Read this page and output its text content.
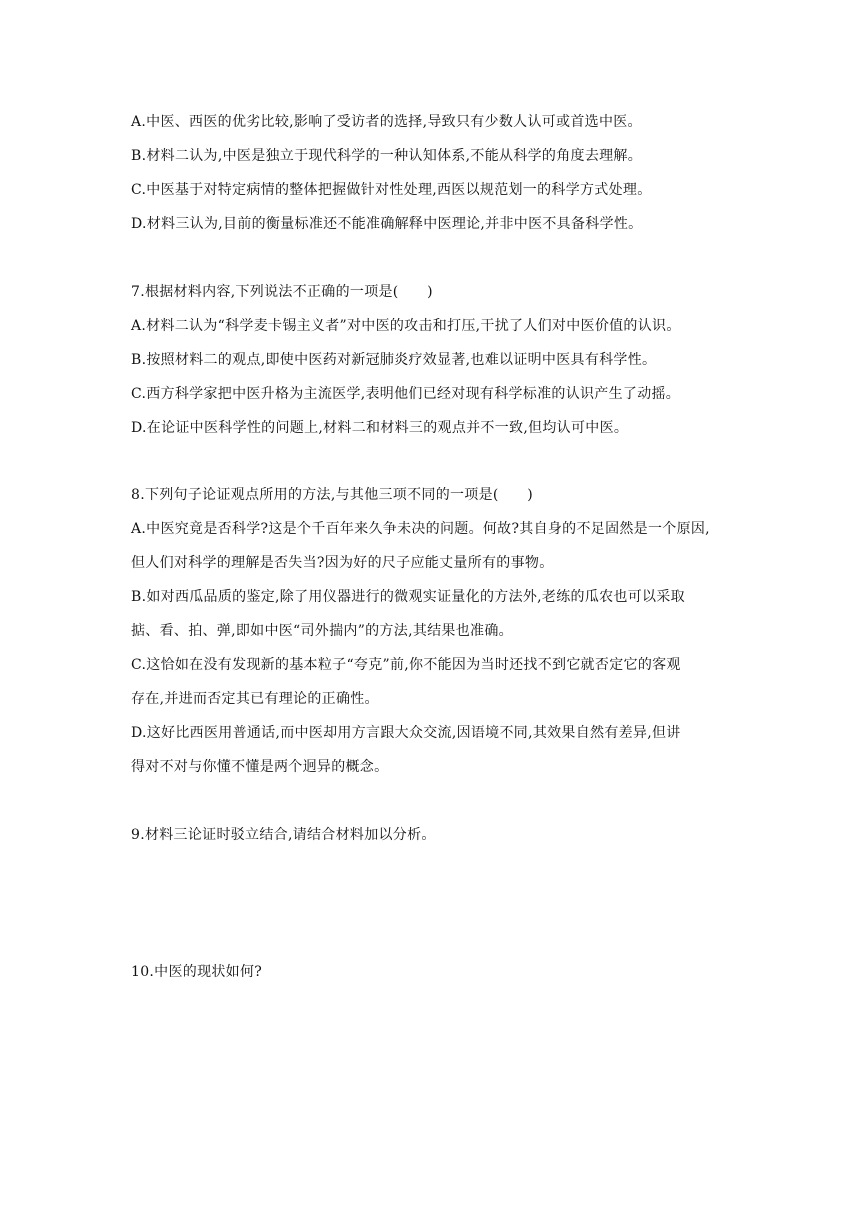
A.中医、西医的优劣比较,影响了受访者的选择,导致只有少数人认可或首选中医。
B.材料二认为,中医是独立于现代科学的一种认知体系,不能从科学的角度去理解。
C.中医基于对特定病情的整体把握做针对性处理,西医以规范划一的科学方式处理。
D.材料三认为,目前的衡量标准还不能准确解释中医理论,并非中医不具备科学性。
7.根据材料内容,下列说法不正确的一项是(　　)
A.材料二认为“科学麦卡锡主义者”对中医的攻击和打压,干扰了人们对中医价值的认识。
B.按照材料二的观点,即使中医药对新冠肺炎疗效显著,也难以证明中医具有科学性。
C.西方科学家把中医升格为主流医学,表明他们已经对现有科学标准的认识产生了动摇。
D.在论证中医科学性的问题上,材料二和材料三的观点并不一致,但均认可中医。
8.下列句子论证观点所用的方法,与其他三项不同的一项是(　　)
A.中医究竟是否科学?这是个千百年来久争未决的问题。何故?其自身的不足固然是一个原因,
但人们对科学的理解是否失当?因为好的尺子应能丈量所有的事物。
B.如对西瓜品质的鉴定,除了用仪器进行的微观实证量化的方法外,老练的瓜农也可以采取
掂、看、拍、弹,即如中医“司外揣内”的方法,其结果也准确。
C.这恰如在没有发现新的基本粒子“夸克”前,你不能因为当时还找不到它就否定它的客观
存在,并进而否定其已有理论的正确性。
D.这好比西医用普通话,而中医却用方言跟大众交流,因语境不同,其效果自然有差异,但讲
得对不对与你懂不懂是两个迥异的概念。
9.材料三论证时驳立结合,请结合材料加以分析。
10.中医的现状如何?
